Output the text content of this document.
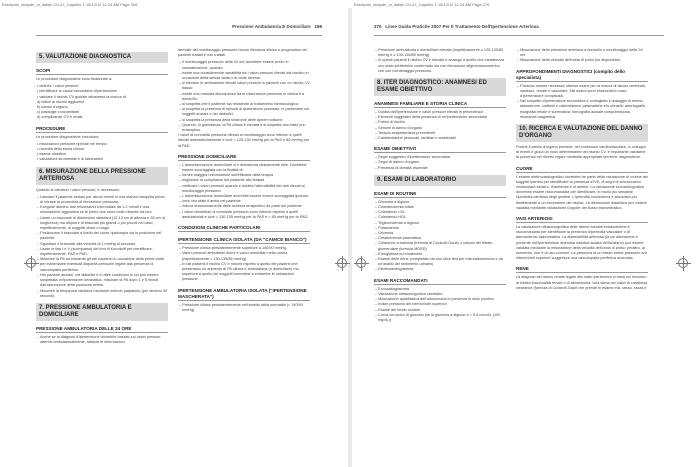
Exemplar_chapter_in_italian Ch-47_Capitolo 1 15/12/12 11:24 AM Page 269	Exemplar_chapter_in_italian Ch-47_Capitolo 1 15/12/12 11:24 AM Page 270
Pressione Ambulatoria E Domiciliare 169
5. VALUTAZIONE DIAGNOSTICA
SCOPI
Le procedure diagnostiche sono finalizzate a:
• definire i valori pressori
• identificare le cause secondarie d'ipertensione
• valutare il rischio CV globale attraverso la ricerca di:
a) fattori di rischio aggiuntivi
b) danno d'organo
c) patologie concomitanti
d) complicanze CV e renali
PROCEDURE
Le procedure diagnostiche includono:
• misurazioni pressorie ripetute nel tempo
• raccolta della storia clinica
• esame obiettivo
• valutazioni strumentali e di laboratorio
6. MISURAZIONE DELLA PRESSIONE ARTERIOSA
Quando si valutano i valori pressori, è necessario:
– Lasciare il paziente seduto per alcuni minuti in una stanza tranquilla prima di iniziare la procedura di rilevazione pressoria.
– Eseguire almeno due misurazioni intervallate da 1-2 minuti e una misurazione aggiuntiva se le prime due sono molto diverse tra loro.
– Usare un bracciale di dimensioni standard (12-13 cm di altezza e 35 cm di lunghezza) ma disporre di bracciali più grandi o più piccoli nel caso, rispettivamente, di soggetti obesi o magri.
– Posizionare il bracciale a livello del cuore qualunque sia la posizione del paziente.
– Sgonfiare il bracciale alla velocità di 2 mmHg al secondo.
– Usare le fasi I e V (scomparsa) dei toni di Korotkoff per identificare, rispettivamente, PAS e PAD.
– Misurare la PA ad entrambi gli arti superiori in occasione della prima visita per evidenziare eventuali disparità pressorie legate alla presenza di vasculopatia periferica.
– Nei pazienti anziani, nei diabetici e in altre condizioni in cui può essere sospettata un'ipotensione ortostatica, misurare la PA dopo 1 e 5 minuti dall'assunzione della posizione eretta.
– Misurare la frequenza cardiaca mediante metodo palpatorio (per almeno 30 secondi).
7. PRESSIONE AMBULATORIA E DOMICILIARE
PRESSIONE AMBULATORIA DELLE 24 ORE
– Anche se la diagnosi d'ipertensione dovrebbe basarsi sui valori pressori ottenuti ambulatorialmente, tuttavia le informazioni
derivate dal monitoraggio pressorio hanno rilevanza clinica e prognostica nei pazienti trattati e non trattati.
– Il monitoraggio pressorio delle 24 ore dovrebbe essere preso in considerazione, quando:
– esiste una considerevole variabilità tra i valori pressori rilevati dal medico in occasione della stessa visita o di visite diverse.
– si rilevano in ambulatorio elevati valori pressori in pazienti con un rischio CV basso;
– esiste una marcata discrepanza tra le misurazioni pressorie in clinica e a domicilio;
– si sospetta che il paziente sia resistente al trattamento farmacologico;
– si sospetta la presenza di episodi di ipotensione posturale, in particolare nei soggetti anziani e nei diabetici;
– si sospetta la presenza della sindrome delle apnee notturne.
– Quando, in gravidanza, la PA clinica è elevata e si sospetta uno stato pre-eclamptico.
I valori di normalità pressoria rilevati al monitoraggio sono inferiori a quelli rilevati ambulatorialmente e cioè < 125-130 mmHg per la PAS e 80 mmHg per la PAD.
PRESSIONE DOMICILIARE
– L'automisurazione domiciliare si è dimostrata clinicamente utile. Dovrebbe essere incoraggiata con la finalità di:
– fornire maggiori informazioni sull'efficacia della terapia
– migliorare la compliance del paziente alla terapia
– verificare i valori pressori quando è dubbia l'attendibilità dei dati rilevati al monitoraggio pressorio
– L'automisurazione domiciliare dovrebbe essere invece scoraggiata quando:
– crea uno stato d'ansia nel paziente
– induce autonomamente delle schema terapeutico da parte del paziente
– I valori domiciliari di normalità pressoria sono inferiori rispetto a quelli ambulatoriali e cioè < 130-135 mmHg per la PAS e < 85 mmHg per la PAD.
CONDIZIONI CLINICHE PARTICOLARI
IPERTENSIONE CLINICA ISOLATA (DA "CAMICE BIANCO")
– Pressione clinica persistentemente superiore a 140/90 mmHg.
– Valori pressori ambulatori diurni e valori domiciliari nella norma (rispettivamente < 130-135/85 mmHg).
– In tali pazienti il rischio CV è minore rispetto a quello dei pazienti che presentano un aumento di PA clinica e ambulatoria (o domiciliare) ma superiore a quello dei soggetti normotesi a entrambe le valutazioni pressorie.
IPERTENSIONE AMBULATORIA ISOLATA ("IPERTENSIONE MASCHERATA")
– Pressione clinica persistentemente nell'ambito della normalità (< 140/90 mmHg)
270 Linee Guida Pratiche 2007 Per Il Trattamento Dell'Ipertensione Arteriosa
– Pressione ambulatoria o domiciliare elevata (rispettivamente ≥ 125-130/80 mmHg e ≥ 130-135/85 mmHg).
– In questi pazienti il rischio CV è elevato e analogo a quello che caratterizza uno stato ipertensivo confermato sia con rilevazione sfigmomanometrica che con monitoraggio pressorio.
8. ITER DIAGNOSTICO: ANAMNESI ED ESAME OBIETTIVO
ANAMNESI FAMILIARE E STORIA CLINICA
– Durata dell'ipertensione e valori pressori elevati in precedenza
– Elementi suggestivi della presenza di un'ipertensione secondaria
– Fattori di rischio
– Sintomi di danno d'organo
– Terapia antipertensiva precedente
– Caratteristiche personali, familiari e ambientali
ESAME OBIETTIVO
– Segni suggestivi d'ipertensione secondaria
– Segni di danno d'organo
– Presenza di obesità viscerale
9. ESAMI DI LABORATORIO
ESAMI DI ROUTINE
– Glicemia a digiuno
– Colesterolemia totale
– Colesterolo LDL
– Colesterolo HDL
– Trigliceridemia a digiuno
– Potassiemia
– Uricemia
– Creatininemia plasmatica
– Clearance creatinina (formula di Cockroft-Gault) o calcolo del filtrato glomerulare (formula MDRD)
– Emoglobina ed ematocrito
– Esame delle urine (completato da uno stick test per microalbuminuria e da un'analisi del sedimento urinario)
– Elettrocardiogramma
ESAMI RACCOMANDATI
– Ecocardiogramma
– Valutazione ultrasonografica carotidea
– Misurazione quantitativa dell'albuminuria in presenza di stick positivo
– Indice pressorio arti inferiori/arti superiori
– Esame del fondo oculare
– Curva da carico di glucosio (se la glicemia a digiuno è > 5,6 mmol/L (100 mg/dL))
– Misurazione della pressione arteriosa a domicilio e monitoraggio delle 24 ore
– Misurazione della velocità dell'onda di polso (se disponibile)
APPROFONDIMENTI DIAGNOSTICI (compito dello specialista)
– Possono essere necessari ulteriori esami per la ricerca di danno cerebrale, cardiaco, renale e vascolare. Tali esami sono essenziali in caso d'ipertensione complicata.
– Nel sospetto d'ipertensione secondaria è consigliato il dosaggio di renina, aldosterone, cortisoli e catecolamine plasmatiche e/o urinarie; arteriografie, ecografia renale e surrenalica; tomografia assiale computerizzata, risonanza magnetica.
10. RICERCA E VALUTAZIONE DEL DANNO D'ORGANO
Poiché il danno d'organo precede, nel continuum cardiovascolare, lo sviluppo di eventi e gioca un ruolo determinante del rischio CV, è importante valutarne la presenza nei diversi organi mediante appropriate tecniche diagnostiche.
CUORE
L'esame elettrocardiografico dovrebbe far parte della valutazione di routine dei soggetti ipertesi per identificare la presenza d'IVS, di segni di sovraccarico ventricolare sinistro, d'ischemia e di aritmie. La valutazione ecocardiografica dovrebbe essere raccomandata per identificare, in modo più sensibile, l'ipertrofia cardiaca degli ipertesi. L'ipertrofia concentrica è associata più direttamente a un incremento del rischio. La disfunzione diastolica può essere valutata mediante valutazione Doppler del flusso transmitralico.
VASI ARTERIOSI
La valutazione ultrasonografica delle arterie carotidi extracraniche è raccomandata per identificare la presenza d'ipertrofia vascolare o di aterosclerosi asintomatica. La distensibilità arteriosa (la cui alterazione è presente nell'ipertensione arteriosa sistolica isolata dell'anziano) può essere valutata mediante la misurazione della velocità dell'onda di polso; peraltro, al momento, non è di uso comune. La presenza di un basso indice pressorio arti inferiori/arti superiori suggerisce una vasculopatia periferica avanzata.
RENE
La diagnosi del danno renale legato allo stato ipertensivo si basa sul riscontro di ridotta funzionalità renale o di albuminuria. Una stima dei valori di creatinina clearance (formula di Cockroft-Gault che prende in esame età, sesso, razza e
